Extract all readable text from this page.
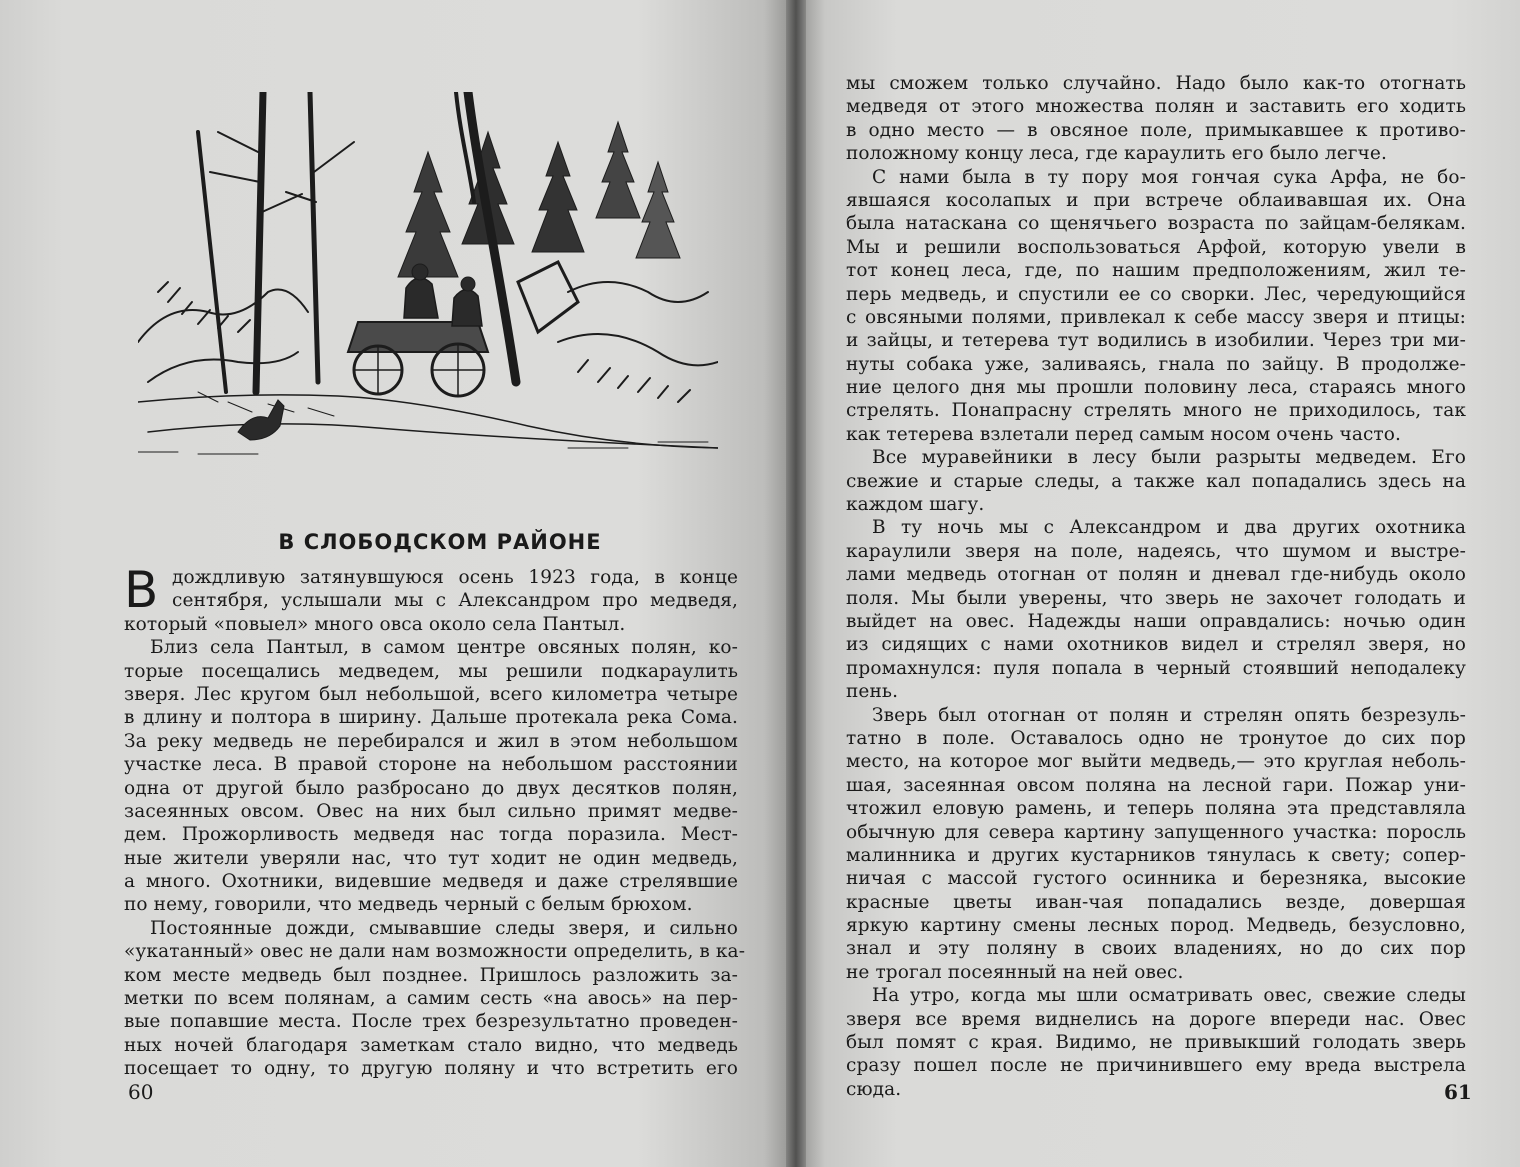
В СЛОБОДСКОМ РАЙОНЕ
В дождливую затянувшуюся осень 1923 года, в конце
сентября, услышали мы с Александром про медведя,
который «повыел» много овса около села Пантыл.
Близ села Пантыл, в самом центре овсяных полян, ко-
торые посещались медведем, мы решили подкараулить
зверя. Лес кругом был небольшой, всего километра четыре
в длину и полтора в ширину. Дальше протекала река Сома.
За реку медведь не перебирался и жил в этом небольшом
участке леса. В правой стороне на небольшом расстоянии
одна от другой было разбросано до двух десятков полян,
засеянных овсом. Овес на них был сильно примят медве-
дем. Прожорливость медведя нас тогда поразила. Мест-
ные жители уверяли нас, что тут ходит не один медведь,
а много. Охотники, видевшие медведя и даже стрелявшие
по нему, говорили, что медведь черный с белым брюхом.
Постоянные дожди, смывавшие следы зверя, и сильно
«укатанный» овес не дали нам возможности определить, в ка-
ком месте медведь был позднее. Пришлось разложить за-
метки по всем полянам, а самим сесть «на авось» на пер-
вые попавшие места. После трех безрезультатно проведен-
ных ночей благодаря заметкам стало видно, что медведь
посещает то одну, то другую поляну и что встретить его
60
мы сможем только случайно. Надо было как-то отогнать
медведя от этого множества полян и заставить его ходить
в одно место — в овсяное поле, примыкавшее к противо-
положному концу леса, где караулить его было легче.
С нами была в ту пору моя гончая сука Арфа, не бо-
явшаяся косолапых и при встрече облаивавшая их. Она
была натаскана со щенячьего возраста по зайцам-белякам.
Мы и решили воспользоваться Арфой, которую увели в
тот конец леса, где, по нашим предположениям, жил те-
перь медведь, и спустили ее со сворки. Лес, чередующийся
с овсяными полями, привлекал к себе массу зверя и птицы:
и зайцы, и тетерева тут водились в изобилии. Через три ми-
нуты собака уже, заливаясь, гнала по зайцу. В продолже-
ние целого дня мы прошли половину леса, стараясь много
стрелять. Понапрасну стрелять много не приходилось, так
как тетерева взлетали перед самым носом очень часто.
Все муравейники в лесу были разрыты медведем. Его
свежие и старые следы, а также кал попадались здесь на
каждом шагу.
В ту ночь мы с Александром и два других охотника
караулили зверя на поле, надеясь, что шумом и выстре-
лами медведь отогнан от полян и дневал где-нибудь около
поля. Мы были уверены, что зверь не захочет голодать и
выйдет на овес. Надежды наши оправдались: ночью один
из сидящих с нами охотников видел и стрелял зверя, но
промахнулся: пуля попала в черный стоявший неподалеку
пень.
Зверь был отогнан от полян и стрелян опять безрезуль-
татно в поле. Оставалось одно не тронутое до сих пор
место, на которое мог выйти медведь,— это круглая неболь-
шая, засеянная овсом поляна на лесной гари. Пожар уни-
чтожил еловую рамень, и теперь поляна эта представляла
обычную для севера картину запущенного участка: поросль
малинника и других кустарников тянулась к свету; сопер-
ничая с массой густого осинника и березняка, высокие
красные цветы иван-чая попадались везде, довершая
яркую картину смены лесных пород. Медведь, безусловно,
знал и эту поляну в своих владениях, но до сих пор
не трогал посеянный на ней овес.
На утро, когда мы шли осматривать овес, свежие следы
зверя все время виднелись на дороге впереди нас. Овес
был помят с края. Видимо, не привыкший голодать зверь
сразу пошел после не причинившего ему вреда выстрела
сюда.	61
